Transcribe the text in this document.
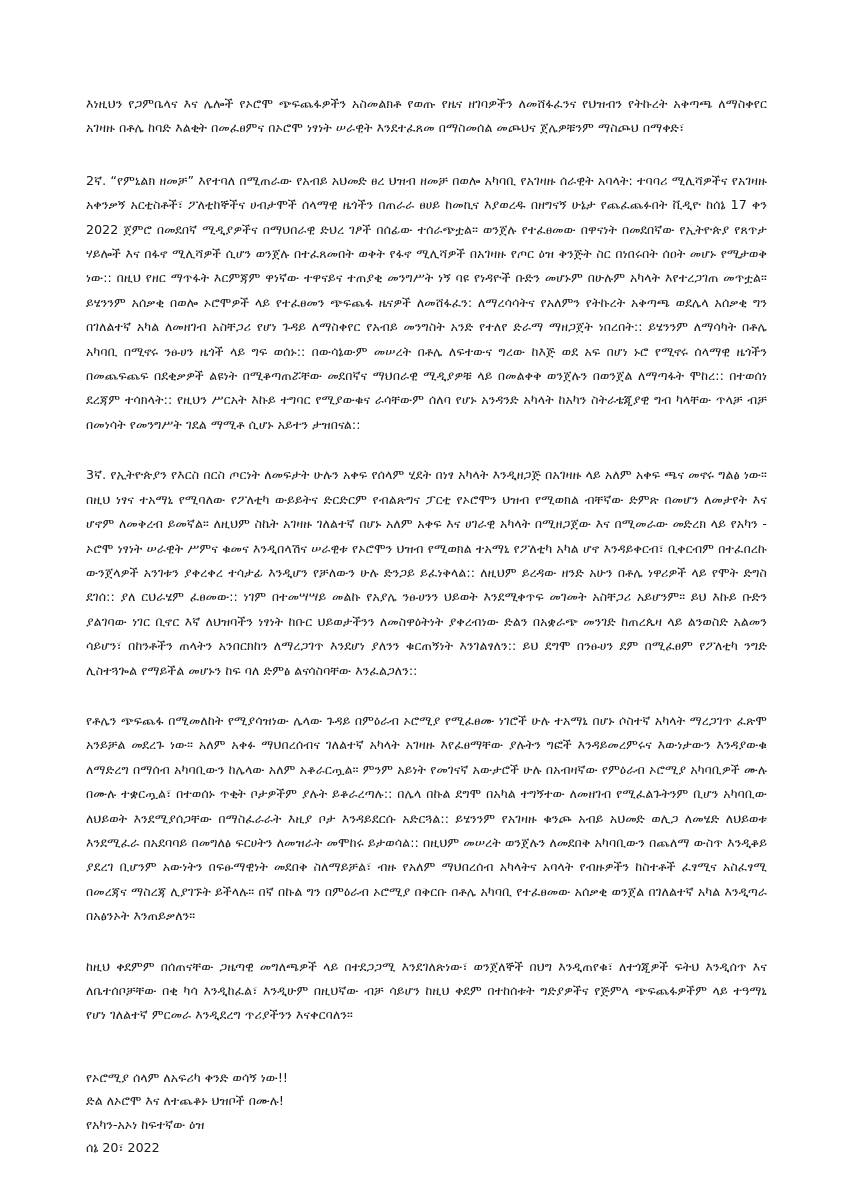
እነዚህን የጋምቤላና እና ሌሎች የኦሮሞ ጭፍጨፋዎችን አስመልክቶ የወጡ የዜና ዘገባዎችን ለመሸፋፈንና የህዝብን የትኩረት አቅጣጫ ለማስቀየር አገዛዙ በቶሌ ከባድ እልቂት በመፈፀምና በኦሮሞ ነፃነት ሠራዊት እንደተፈጸመ በማስመሰል መጮህና ጀሌዎቹንም ማስጮህ በማቀድ፣

2ኛ. “የምኒልክ ዘመቻ” እየተባለ በሚጠራው የአብይ አህመድ ፀረ ህዝብ ዘመቻ በወሎ አካባቢ የአገዛዙ ሰራዊት አባላት: ተባባሪ ሚሊሻዎችና የአገዛዙ አቀንቃኝ አርቲስቶች፣ ፖለቲከኞችና ሀብታሞች ሰላማዊ ዜጎችን በጠራራ ፀሀይ ከመኪና እያወረዱ በዘግናኝ ሁኔታ የጨፈጨፉበት ቪዲዮ ከሰኔ 17 ቀን 2022 ጀምሮ በመደበኛ ሚዲያዎችና በማህበራዊ ድህረ ገፆች በሰፊው ተሰራጭቷል። ወንጀሉ የተፈፀመው በዋናነት በመደበኛው የኢትዮጵያ የጸጥታ ሃይሎች እና በፋኖ ሚሊሻዎች ሲሆን ወንጀሉ በተፈጸመበት ወቅት የፋኖ ሚሊሻዎች በአገዛዙ የጦር ዕዝ ቅንጅት ስር በነበሩበት ሰዐት መሆኑ የሚታወቅ ነው:: በዚህ የዘር ማጥፋት እርምጃም ዋነኛው ተዋናይና ተጠያቂ መንግሥት ነኝ ባዩ የነዳዮች ቡድን መሆኑም በሁሉም አካላት እየተረጋገጠ መጥቷል። ይሄንንም አሰቃቂ በወሎ ኦሮሞዎች ላይ የተፈፀመን ጭፍጨፋ ዜናዎች ለመሸፋፈን: ለማረሳሳትና የአለምን የትኩረት አቅጣጫ ወደሌላ አሰቃቂ ግን በገለልተኛ አካል ለመዘገብ አስቸጋሪ የሆነ ጉዳይ ለማስቀየር የአብይ መንግስት አንድ የተለየ ድራማ ማዘጋጀት ነበረበት:: ይሄንንም ለማሳካት በቶሌ አካባቢ በሚኖሩ ንፁሀን ዜጎች ላይ ግፍ ወሰኑ:: በውሳኔውም መሠረት በቶሌ ለፍተውና ግረው ከእጅ ወደ አፍ በሆነ ኑሮ የሚኖሩ ሰላማዊ ዜጎችን በመጨፍጨፍ በደቂቃዎች ልዩነት በሚቆጣጠሯቸው መደበኛና ማህበራዊ ሚዲያዎቹ ላይ በመልቀቅ ወንጀሉን በወንጀል ለማጣፋት ሞከረ:: በተወሰነ ደረጃም ተሳክላት:: የዚህን ሥርአት እኩይ ተግባር የሚያውቁና ራሳቸውም ሰለባ የሆኑ አንዳንድ አካላት ከአካን ስትራቴጂያዊ ግብ ካላቸው ጥላቻ ብቻ በመነሳት የመንግሥት ገደል ማሚቶ ሲሆኑ አይተን ታዝበናል::

3ኛ. የኢትዮጵያን የእርስ በርስ ጦርነት ለመፍታት ሁሉን አቀፍ የሰላም ሂደት በነፃ አካላት እንዲዘጋጅ በአገዛዙ ላይ አለም አቀፍ ጫና መኖሩ ግልፅ ነው። በዚህ ነፃና ተአማኒ የሚባለው የፖለቲካ ውይይትና ድርድርም የብልጽግና ፓርቲ የኦሮሞን ህዝብ የሚወክል ብቸኛው ድምጽ በመሆን ለመታየት እና ሆኖም ለመቅረብ ይመኛል። ለዚህም ስኬት አገዛዙ ገለልተኛ በሆኑ አለም አቀፍ እና ሀገራዊ አካላት በሚዘጋጀው እና በሚመራው መድረክ ላይ የአካን - ኦሮሞ ነፃነት ሠራዊት ሥምና ቁመና እንዲበላሽና ሠራዊቱ የኦሮሞን ህዝብ የሚወክል ተአማኒ የፖለቲካ አካል ሆኖ እንዳይቀርብ፣ ቢቀርብም በተፈበረኩ ውንጀላዎች አንገቱን ያቀረቀረ ተሳታፊ እንዲሆን የቻለውን ሁሉ ድንጋይ ይፈነቅላል:: ለዚህም ይረዳው ዘንድ አሁን በቶሌ ነዋሪዎች ላይ የሞት ድግስ ደገሰ:: ያለ ርህራሄም ፈፀመው:: ነገም በተመሣሣይ መልኩ የአያሌ ንፁሀንን ህይወት እንደሚቀጥፍ መገመት አስቸጋሪ አይሆንም። ይህ እኩይ ቡድን ያልገባው ነገር ቢኖር እኛ ለህዝባችን ነፃነት ከቡር ህይወታችንን ለመስዋዕትነት ያቀረብነው ድልን በአቋራጭ መንገድ ከጠረጴዛ ላይ ልንወስድ አልመን ሳይሆን፣ በከንቶችን ጠላትን አንበርክከን ለማረጋገጥ እንደሆነ ያለንን ቁርጠኝነት እንገልፃለን:: ይህ ደግሞ በንፁሀን ደም በሚፈፀም የፖለቲካ ንግድ ሊስተጓጐል የማይችል መሆኑን ከፍ ባለ ድምፅ ልናሳስባቸው እንፈልጋለን::

የቶሌን ጭፍጨፋ በሚመለከት የሚያሳዝነው ሌላው ጉዳይ በምዕራብ ኦሮሚያ የሚፈፀሙ ነገሮች ሁሉ ተአማኒ በሆኑ ሶስተኛ አካላት ማረጋገጥ ፈጽሞ አንይቻል መደረጉ ነው። አለም አቀፉ ማህበረሰብና ገለልተኛ አካላት አገዛዙ እየፈፀማቸው ያሉትን ግፎች እንዳይመረምሩና እውነታውን እንዳያውቁ ለማድረግ በማሰብ አካባቢውን ከሌላው አለም አቆራርጧል። ምንም አይነት የመገናኛ አውታሮች ሁሉ በአብዛኛው የምዕራብ ኦሮሚያ አካባቢዎች ሙሉ በሙሉ ተቋርጧል፣ በተወሰኑ ጥቂት ቦታዎችም ያሉት ይቆራረጣሉ:: በሌላ በኩል ደግሞ በአካል ተግኝተው ለመዘገብ የሚፈልጉትንም ቢሆን አካባቢው ለህይወት እንደሚያሰጋቸው በማስፈራራት እዚያ ቦታ እንዳይደርሱ አድርጓል:: ይሄንንም የአገዛዙ ቁንጮ አብይ አህመድ ወሊጋ ለመሄድ ለህይወቱ እንደሚፈራ በአደባባይ በመግለፅ ፍርሀትን ለመዝራት መሞከሩ ይታወሳል:: በዚህም መሠረት ወንጀሉን ለመደበቅ አካባቢውን በጨለማ ውስጥ እንዲቆይ ያደረገ ቢሆንም አውነትን በፍፁማዊነት መደበቅ ስለማይቻል፣ ብዙ የአለም ማህበረሰብ አካላትና አባላት የብዙዎችን ከስተቶች ፈፃሚና አስፈፃሚ በመረጃና ማስረጃ ሊያገኙት ይችላሉ። በኛ በኩል ግን በምዕራብ ኦሮሚያ በቅርቡ በቶሌ አካባቢ የተፈፀመው አሰቃቂ ወንጀል በገለልተኛ አካል እንዲጣራ በአፅንኦት እንጠይቃለን።

ከዚህ ቀደምም በሰጠናቸው ጋዜጣዊ መግለጫዎች ላይ በተደጋጋሚ እንደገለጽነው፣ ወንጀለኞች በህግ እንዲጠየቁ፣ ለተጎጂዎች ፍትህ እንዲሰጥ እና ለቤተሰቦቻቸው በቂ ካሳ እንዲከፈል፣ እንዲሁም በዚህኛው ብቻ ሳይሆን ከዚህ ቀደም በተከሰቱት ግድያዎችና የጅምላ ጭፍጨፋዎችም ላይ ተዓማኒ የሆነ ገለልተኛ ምርመራ እንዲደረግ ጥሪያችንን እናቀርባለን።

የኦሮሚያ ሰላም ለአፍሪካ ቀንድ ወሳኝ ነው!!
ድል ለኦሮሞ እና ለተጨቆኑ ህዝቦች በሙሉ!
የአካን-አኦነ ከፍተኛው ዕዝ
ሰኔ 20፣ 2022
